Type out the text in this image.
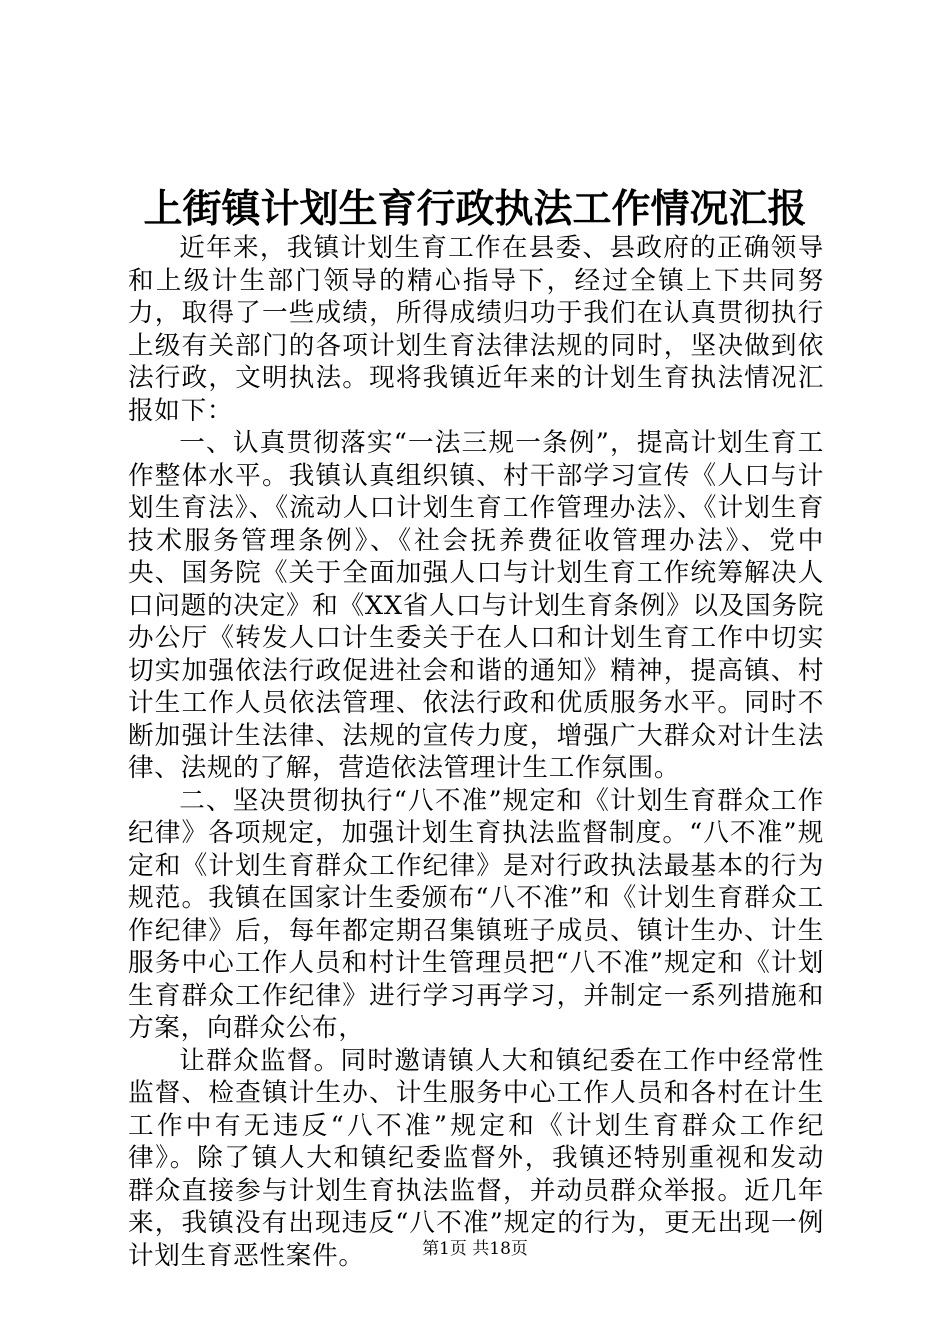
上街镇计划生育行政执法工作情况汇报

近年来，我镇计划生育工作在县委、县政府的正确领导和上级计生部门领导的精心指导下，经过全镇上下共同努力，取得了一些成绩，所得成绩归功于我们在认真贯彻执行上级有关部门的各项计划生育法律法规的同时，坚决做到依法行政，文明执法。现将我镇近年来的计划生育执法情况汇报如下：

一、认真贯彻落实“一法三规一条例”，提高计划生育工作整体水平。我镇认真组织镇、村干部学习宣传《人口与计划生育法》、《流动人口计划生育工作管理办法》、《计划生育技术服务管理条例》、《社会抚养费征收管理办法》、党中央、国务院《关于全面加强人口与计划生育工作统筹解决人口问题的决定》和《XX省人口与计划生育条例》以及国务院办公厅《转发人口计生委关于在人口和计划生育工作中切实切实加强依法行政促进社会和谐的通知》精神，提高镇、村计生工作人员依法管理、依法行政和优质服务水平。同时不断加强计生法律、法规的宣传力度，增强广大群众对计生法律、法规的了解，营造依法管理计生工作氛围。

二、坚决贯彻执行“八不准”规定和《计划生育群众工作纪律》各项规定，加强计划生育执法监督制度。“八不准”规定和《计划生育群众工作纪律》是对行政执法最基本的行为规范。我镇在国家计生委颁布“八不准”和《计划生育群众工作纪律》后，每年都定期召集镇班子成员、镇计生办、计生服务中心工作人员和村计生管理员把“八不准”规定和《计划生育群众工作纪律》进行学习再学习，并制定一系列措施和方案，向群众公布，

让群众监督。同时邀请镇人大和镇纪委在工作中经常性监督、检查镇计生办、计生服务中心工作人员和各村在计生工作中有无违反“八不准”规定和《计划生育群众工作纪律》。除了镇人大和镇纪委监督外，我镇还特别重视和发动群众直接参与计划生育执法监督，并动员群众举报。近几年来，我镇没有出现违反“八不准”规定的行为，更无出现一例计划生育恶性案件。	第1页 共18页
